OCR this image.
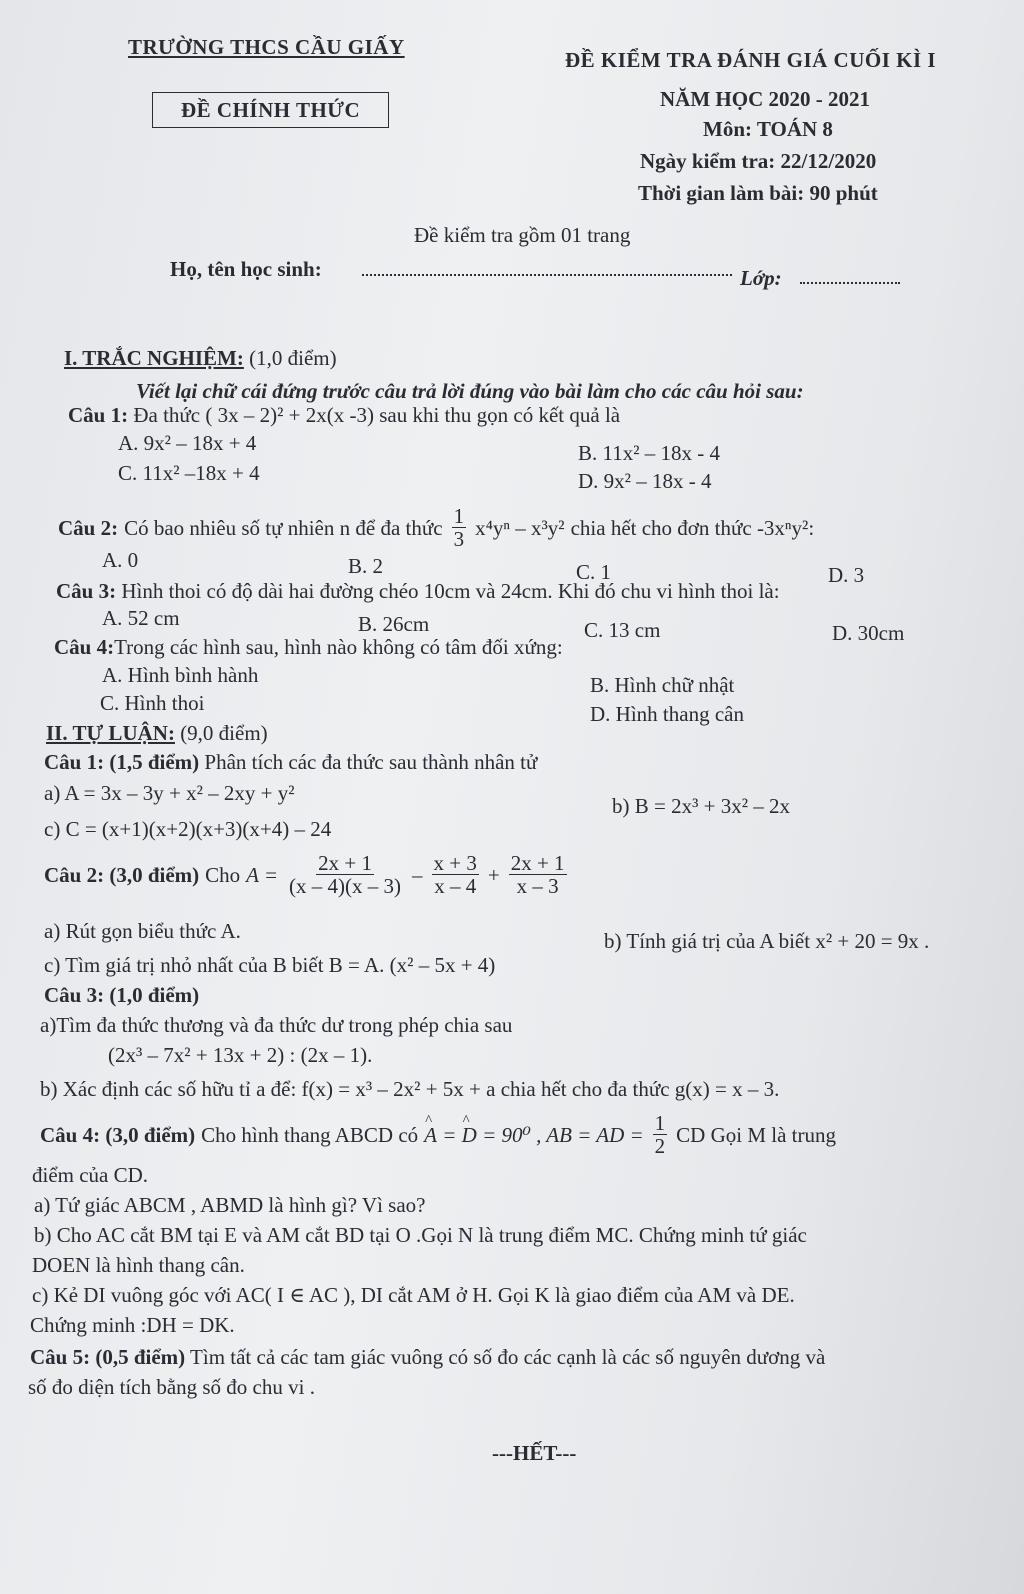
TRƯỜNG THCS CẦU GIẤY
ĐỀ CHÍNH THỨC
ĐỀ KIỂM TRA ĐÁNH GIÁ CUỐI KÌ I
NĂM HỌC 2020 - 2021
Môn: TOÁN 8
Ngày kiểm tra: 22/12/2020
Thời gian làm bài: 90 phút
Đề kiểm tra gồm 01 trang
Họ, tên học sinh:	Lớp:
I. TRẮC NGHIỆM: (1,0 điểm)
Viết lại chữ cái đứng trước câu trả lời đúng vào bài làm cho các câu hỏi sau:
Câu 1: Đa thức ( 3x – 2)² + 2x(x -3) sau khi thu gọn có kết quả là
A. 9x² – 18x + 4	B. 11x² – 18x - 4
C. 11x² –18x + 4	D. 9x² – 18x - 4
Câu 2: Có bao nhiêu số tự nhiên n để đa thức $\frac{1}{3} x^4y^n - x^3y^2$ chia hết cho đơn thức -3xⁿy²:
A. 0	B. 2	C. 1	D. 3
Câu 3: Hình thoi có độ dài hai đường chéo 10cm và 24cm. Khi đó chu vi hình thoi là:
A. 52 cm	B. 26cm	C. 13 cm	D. 30cm
Câu 4:Trong các hình sau, hình nào không có tâm đối xứng:
A. Hình bình hành	B. Hình chữ nhật
C. Hình thoi	D. Hình thang cân
II. TỰ LUẬN: (9,0 điểm)
Câu 1: (1,5 điểm) Phân tích các đa thức sau thành nhân tử
a) A = 3x – 3y + x² – 2xy + y²
b) B = 2x³ + 3x² – 2x
c) C = (x+1)(x+2)(x+3)(x+4) – 24
Câu 2: (3,0 điểm) Cho $A = \frac{2x + 1}{(x - 4)(x - 3)} - \frac{x + 3}{x - 4} + \frac{2x + 1}{x - 3}$
a) Rút gọn biểu thức A.	b) Tính giá trị của A biết x² + 20 = 9x .
c) Tìm giá trị nhỏ nhất của B biết B = A. (x² – 5x + 4)
Câu 3: (1,0 điểm)
a)Tìm đa thức thương và đa thức dư trong phép chia sau
(2x³ – 7x² + 13x + 2) : (2x – 1).
b) Xác định các số hữu tỉ a để: f(x) = x³ – 2x² + 5x + a chia hết cho đa thức g(x) = x – 3.
Câu 4: (3,0 điểm) Cho hình thang ABCD có
^ A = ^ D = 90⁰ , AB = AD = $\frac{1}{2}$ CD Gọi M là trung
điểm của CD.
a) Tứ giác ABCM , ABMD là hình gì? Vì sao?
b) Cho AC cắt BM tại E và AM cắt BD tại O .Gọi N là trung điểm MC. Chứng minh tứ giác
DOEN là hình thang cân.
c) Kẻ DI vuông góc với AC( I ∈ AC ), DI cắt AM ở H. Gọi K là giao điểm của AM và DE.
Chứng minh :DH = DK.
Câu 5: (0,5 điểm) Tìm tất cả các tam giác vuông có số đo các cạnh là các số nguyên dương và
số đo diện tích bằng số đo chu vi .
---HẾT---
